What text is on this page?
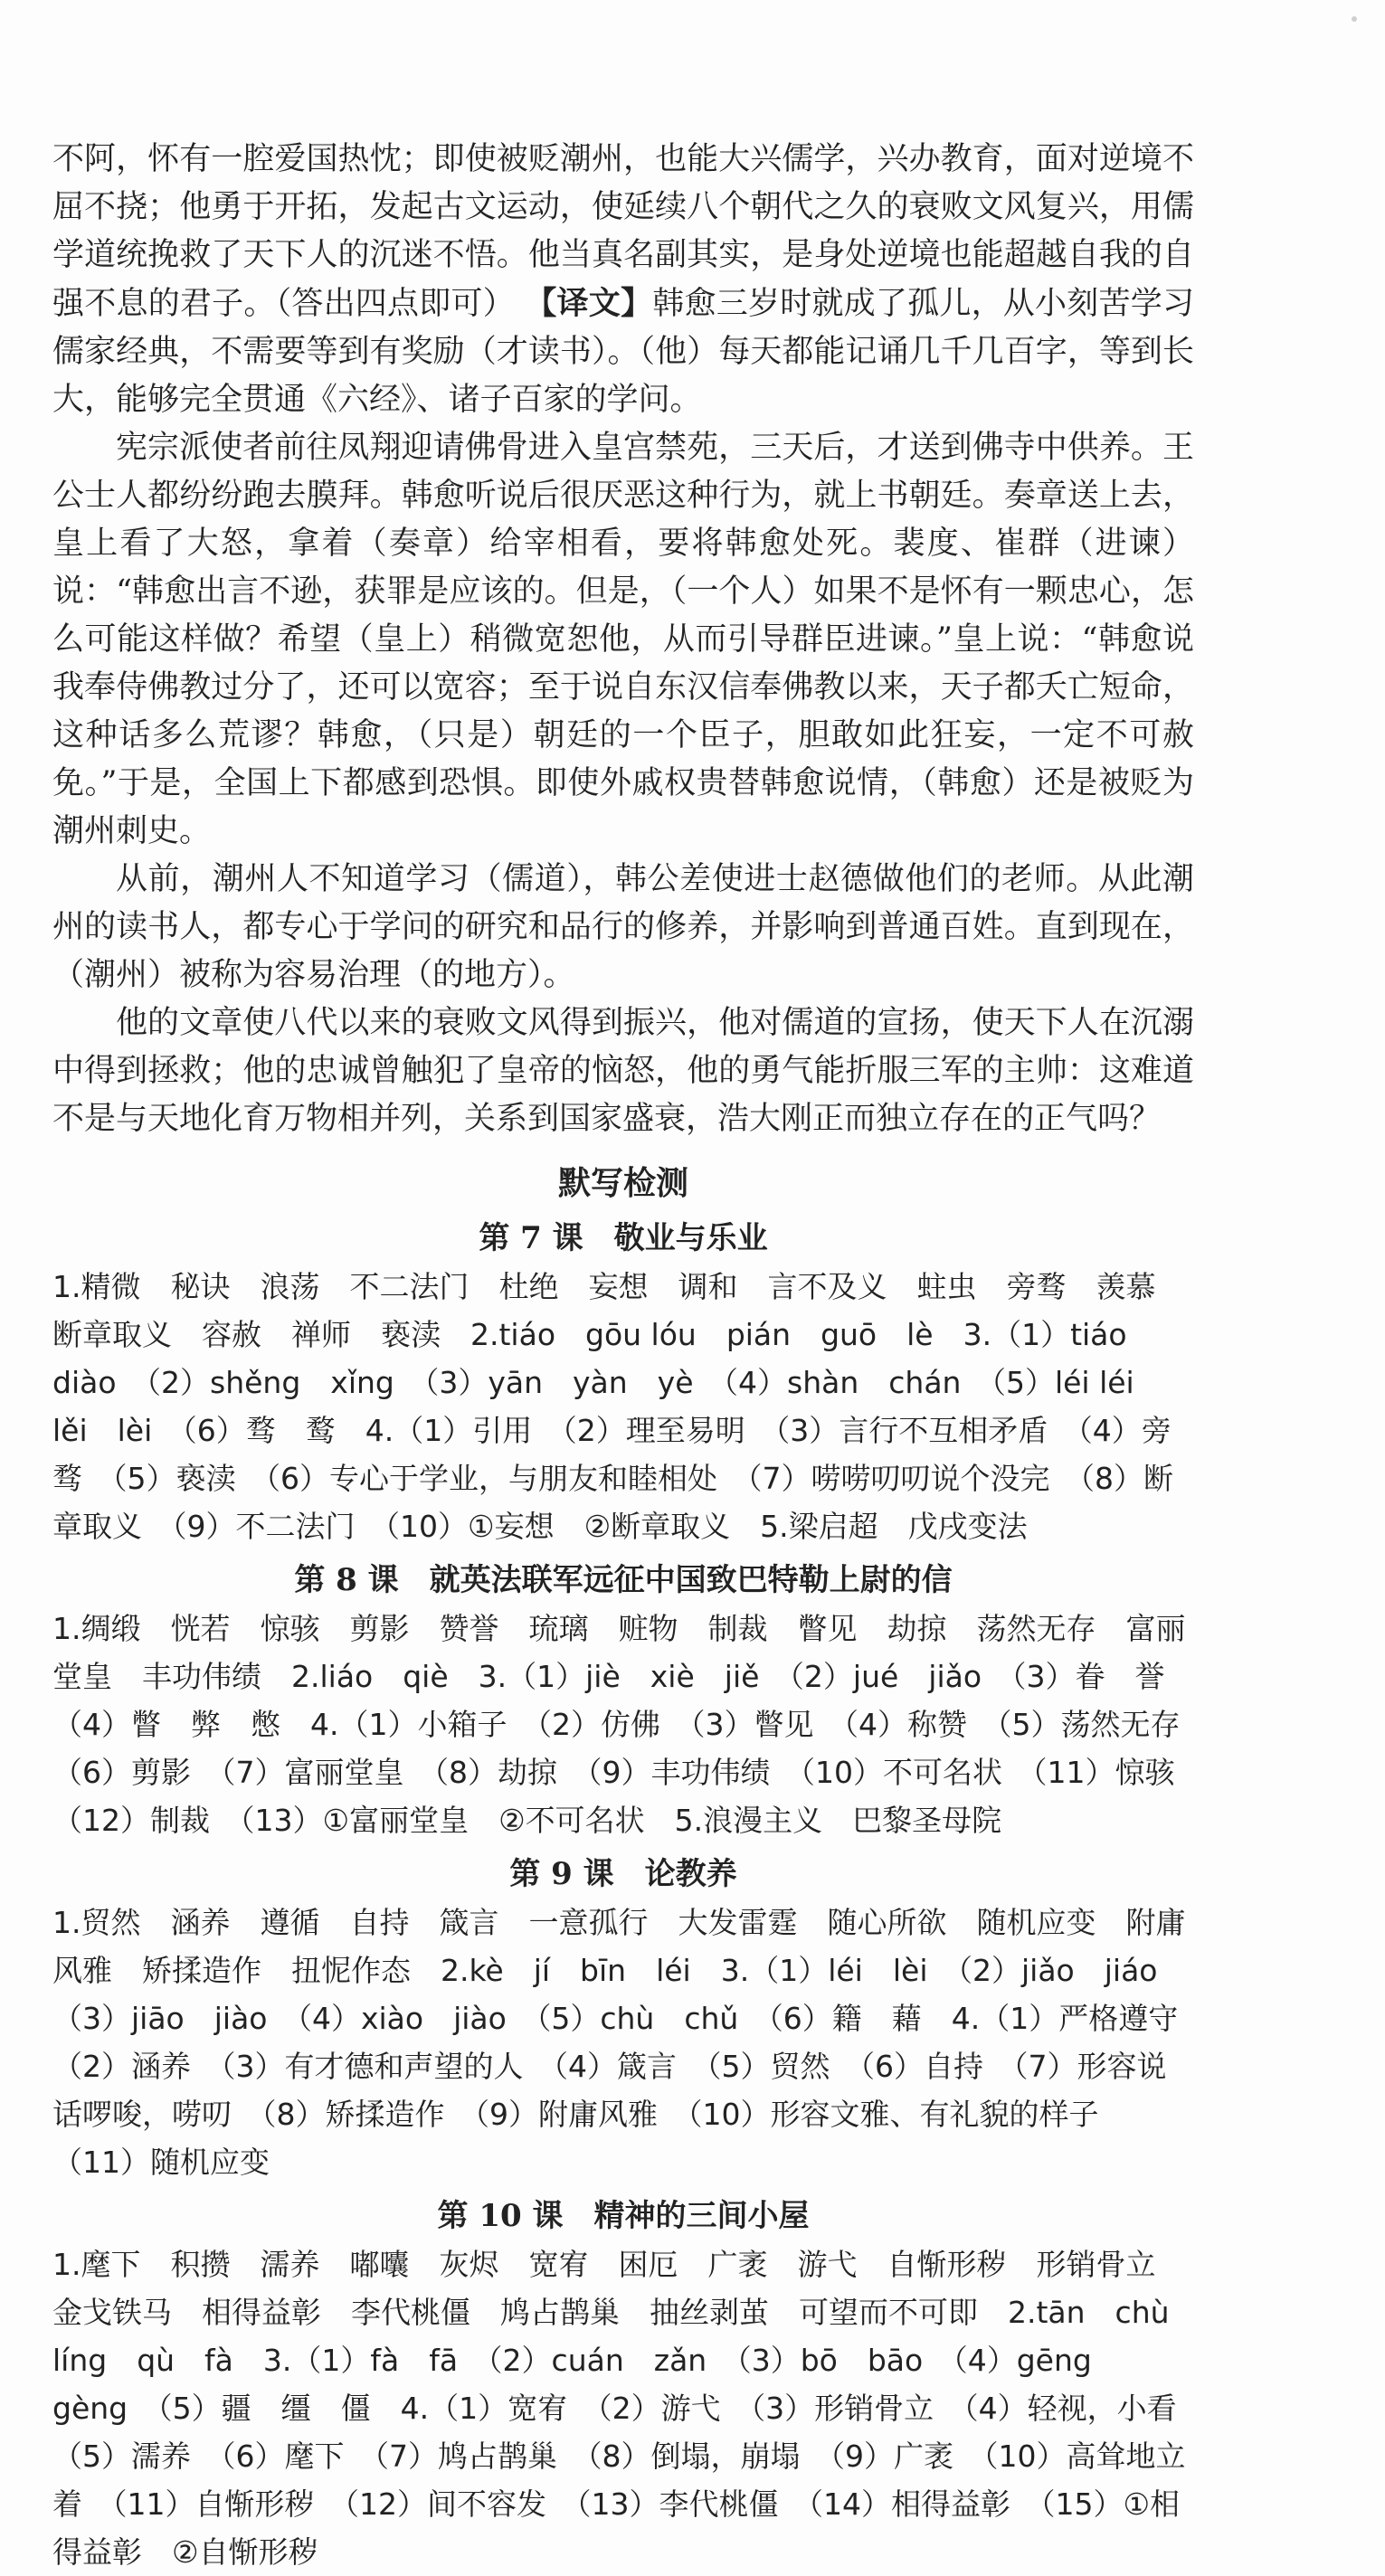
不阿，怀有一腔爱国热忱；即使被贬潮州，也能大兴儒学，兴办教育，面对逆境不屈不挠；他勇于开拓，发起古文运动，使延续八个朝代之久的衰败文风复兴，用儒学道统挽救了天下人的沉迷不悟。他当真名副其实，是身处逆境也能超越自我的自强不息的君子。（答出四点即可） 【译文】韩愈三岁时就成了孤儿，从小刻苦学习儒家经典，不需要等到有奖励（才读书）。（他）每天都能记诵几千几百字，等到长大，能够完全贯通《六经》、诸子百家的学问。

宪宗派使者前往凤翔迎请佛骨进入皇宫禁苑，三天后，才送到佛寺中供养。王公士人都纷纷跑去膜拜。韩愈听说后很厌恶这种行为，就上书朝廷。奏章送上去，皇上看了大怒，拿着（奏章）给宰相看，要将韩愈处死。裴度、崔群（进谏）说：“韩愈出言不逊，获罪是应该的。但是，（一个人）如果不是怀有一颗忠心，怎么可能这样做？希望（皇上）稍微宽恕他，从而引导群臣进谏。”皇上说：“韩愈说我奉侍佛教过分了，还可以宽容；至于说自东汉信奉佛教以来，天子都夭亡短命，这种话多么荒谬？韩愈，（只是）朝廷的一个臣子，胆敢如此狂妄，一定不可赦免。”于是，全国上下都感到恐惧。即使外戚权贵替韩愈说情，（韩愈）还是被贬为潮州刺史。

从前，潮州人不知道学习（儒道），韩公差使进士赵德做他们的老师。从此潮州的读书人，都专心于学问的研究和品行的修养，并影响到普通百姓。直到现在，（潮州）被称为容易治理（的地方）。

他的文章使八代以来的衰败文风得到振兴，他对儒道的宣扬，使天下人在沉溺中得到拯救；他的忠诚曾触犯了皇帝的恼怒，他的勇气能折服三军的主帅：这难道不是与天地化育万物相并列，关系到国家盛衰，浩大刚正而独立存在的正气吗？

默写检测
第 7 课　敬业与乐业

1.精微　秘诀　浪荡　不二法门　杜绝　妄想　调和　言不及义　蛀虫　旁骛　羡慕　断章取义　容赦　禅师　亵渎　2.tiáo　gōu lóu　pián　guō　lè　3.（1）tiáo　diào　（2）shěng　xǐng　（3）yān　yàn　yè　（4）shàn　chán　（5）léi léi　lěi　lèi　（6）骛　鹜　4.（1）引用　（2）理至易明　（3）言行不互相矛盾　（4）旁骛　（5）亵渎　（6）专心于学业，与朋友和睦相处　（7）唠唠叨叨说个没完　（8）断章取义　（9）不二法门　（10）①妄想　②断章取义　5.梁启超　戊戌变法

第 8 课　就英法联军远征中国致巴特勒上尉的信

1.绸缎　恍若　惊骇　剪影　赞誉　琉璃　赃物　制裁　瞥见　劫掠　荡然无存　富丽堂皇　丰功伟绩　2.liáo　qiè　3.（1）jiè　xiè　jiě　（2）jué　jiǎo　（3）眷　誉　（4）瞥　弊　憋　4.（1）小箱子　（2）仿佛　（3）瞥见　（4）称赞　（5）荡然无存　（6）剪影　（7）富丽堂皇　（8）劫掠　（9）丰功伟绩　（10）不可名状　（11）惊骇　（12）制裁　（13）①富丽堂皇　②不可名状　5.浪漫主义　巴黎圣母院

第 9 课　论教养

1.贸然　涵养　遵循　自持　箴言　一意孤行　大发雷霆　随心所欲　随机应变　附庸风雅　矫揉造作　扭怩作态　2.kè　jí　bīn　léi　3.（1）léi　lèi　（2）jiǎo　jiáo　（3）jiāo　jiào　（4）xiào　jiào　（5）chù　chǔ　（6）籍　藉　4.（1）严格遵守　（2）涵养　（3）有才德和声望的人　（4）箴言　（5）贸然　（6）自持　（7）形容说话啰唆，唠叨　（8）矫揉造作　（9）附庸风雅　（10）形容文雅、有礼貌的样子　（11）随机应变

第 10 课　精神的三间小屋

1.麾下　积攒　濡养　嘟囔　灰烬　宽宥　困厄　广袤　游弋　自惭形秽　形销骨立　金戈铁马　相得益彰　李代桃僵　鸠占鹊巢　抽丝剥茧　可望而不可即　2.tān　chù　líng　qù　fà　3.（1）fà　fā　（2）cuán　zǎn　（3）bō　bāo　（4）gēng　gèng　（5）疆　缰　僵　4.（1）宽宥　（2）游弋　（3）形销骨立　（4）轻视，小看　（5）濡养　（6）麾下　（7）鸠占鹊巢　（8）倒塌，崩塌　（9）广袤　（10）高耸地立着　（11）自惭形秽　（12）间不容发　（13）李代桃僵　（14）相得益彰　（15）①相得益彰　②自惭形秽
